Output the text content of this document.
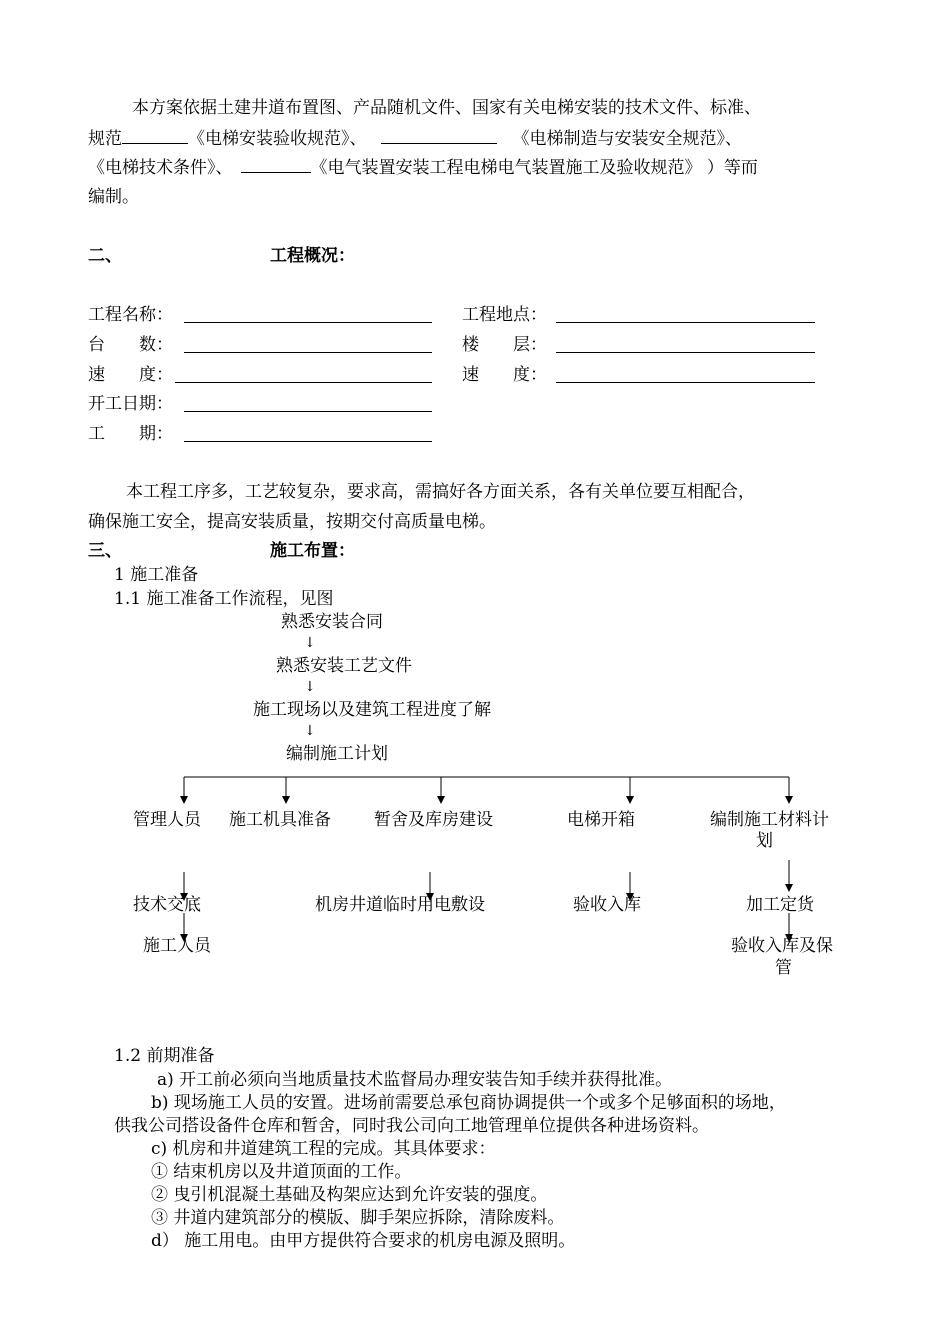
本方案依据土建井道布置图、产品随机文件、国家有关电梯安装的技术文件、标准、
规范	《电梯安装验收规范》、	《电梯制造与安装安全规范》、
《电梯技术条件》、	《电气装置安装工程电梯电气装置施工及验收规范》 ）等而
编制。
二、	工程概况：
工程名称：	工程地点：
台　　数：	楼　　层：
速　　度：	速　　度：
开工日期：
工　　期：
本工程工序多，工艺较复杂，要求高，需搞好各方面关系，各有关单位要互相配合，
确保施工安全，提高安装质量，按期交付高质量电梯。
三、	施工布置：
1 施工准备
1.1 施工准备工作流程，见图
熟悉安装合同
↓
熟悉安装工艺文件
↓
施工现场以及建筑工程进度了解
↓
编制施工计划
管理人员 施工机具准备	暂舍及库房建设	电梯开箱	编制施工材料计
划
技术交底	机房井道临时用电敷设	验收入库	加工定货
施工人员	验收入库及保
管
1.2 前期准备
a) 开工前必须向当地质量技术监督局办理安装告知手续并获得批准。
b) 现场施工人员的安置。进场前需要总承包商协调提供一个或多个足够面积的场地，
供我公司搭设备件仓库和暂舍，同时我公司向工地管理单位提供各种进场资料。
c) 机房和井道建筑工程的完成。其具体要求：
① 结束机房以及井道顶面的工作。
② 曳引机混凝土基础及构架应达到允许安装的强度。
③ 井道内建筑部分的模版、脚手架应拆除，清除废料。
d） 施工用电。由甲方提供符合要求的机房电源及照明。
